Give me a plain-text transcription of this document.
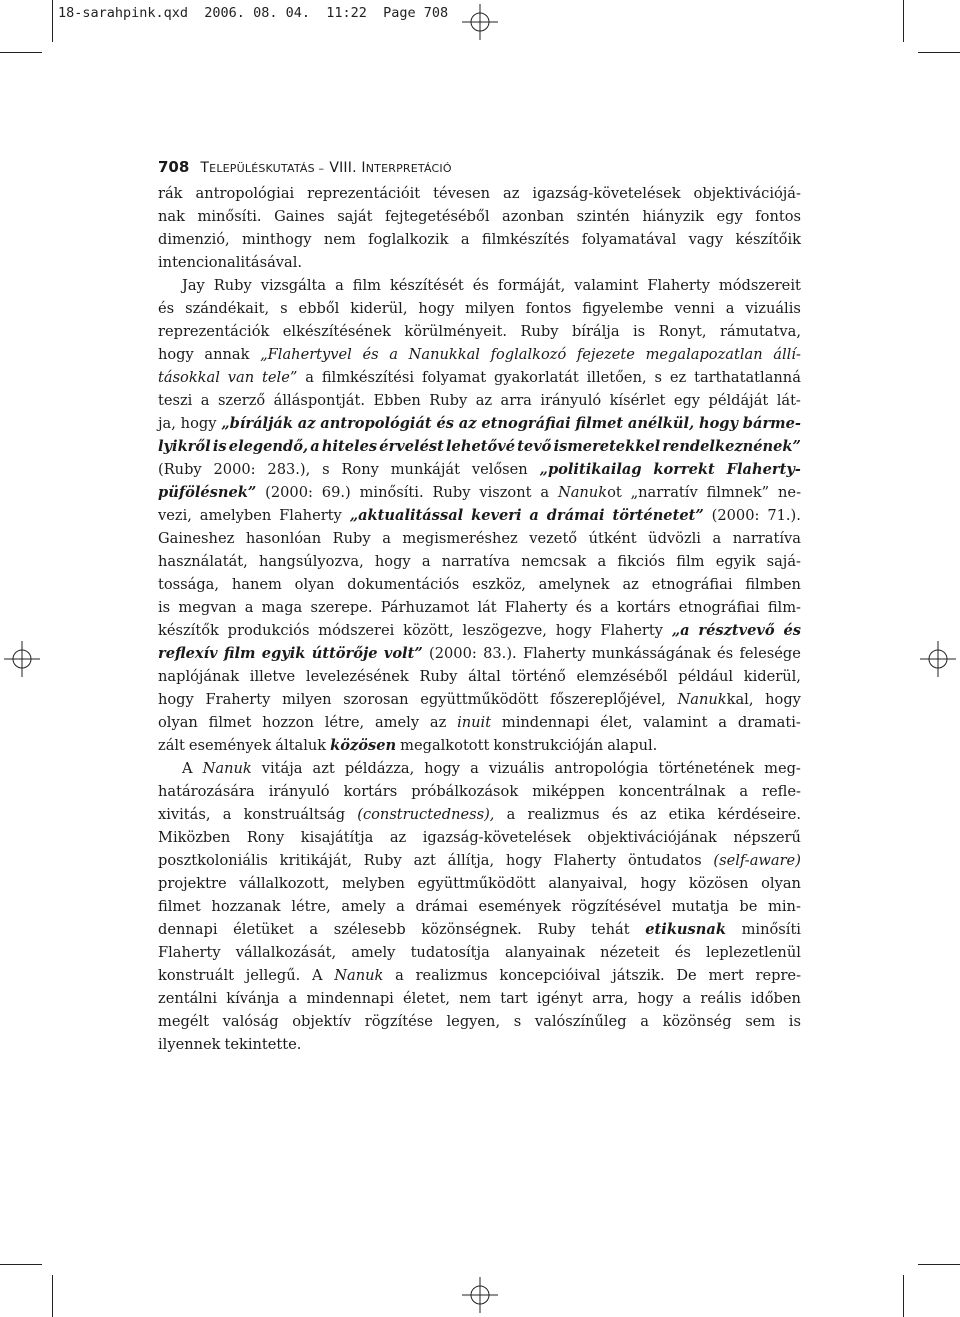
18-sarahpink.qxd  2006. 08. 04.  11:22  Page 708
708 TELEPÜLÉSKUTATÁS – VIII. INTERPRETÁCIÓ
rák antropológiai reprezentációit tévesen az igazság-követelések objektivációjá-
nak minősíti. Gaines saját fejtegetéséből azonban szintén hiányzik egy fontos
dimenzió, minthogy nem foglalkozik a filmkészítés folyamatával vagy készítőik
intencionalitásával.
Jay Ruby vizsgálta a film készítését és formáját, valamint Flaherty módszereit
és szándékait, s ebből kiderül, hogy milyen fontos figyelembe venni a vizuális
reprezentációk elkészítésének körülményeit. Ruby bírálja is Ronyt, rámutatva,
hogy annak „Flahertyvel és a Nanukkal foglalkozó fejezete megalapozatlan állí-
tásokkal van tele” a filmkészítési folyamat gyakorlatát illetően, s ez tarthatatlanná
teszi a szerző álláspontját. Ebben Ruby az arra irányuló kísérlet egy példáját lát-
ja, hogy „bírálják az antropológiát és az etnográfiai filmet anélkül, hogy bárme-
lyikről is elegendő, a hiteles érvelést lehetővé tevő ismeretekkel rendelkeznének”
(Ruby 2000: 283.), s Rony munkáját velősen „politikailag korrekt Flaherty-
püfölésnek” (2000: 69.) minősíti. Ruby viszont a Nanukot „narratív filmnek” ne-
vezi, amelyben Flaherty „aktualitással keveri a drámai történetet” (2000: 71.).
Gaineshez hasonlóan Ruby a megismeréshez vezető útként üdvözli a narratíva
használatát, hangsúlyozva, hogy a narratíva nemcsak a fikciós film egyik sajá-
tossága, hanem olyan dokumentációs eszköz, amelynek az etnográfiai filmben
is megvan a maga szerepe. Párhuzamot lát Flaherty és a kortárs etnográfiai film-
készítők produkciós módszerei között, leszögezve, hogy Flaherty „a résztvevő és
reflexív film egyik úttörője volt” (2000: 83.). Flaherty munkásságának és felesége
naplójának illetve levelezésének Ruby által történő elemzéséből például kiderül,
hogy Fraherty milyen szorosan együttműködött főszereplőjével, Nanukkal, hogy
olyan filmet hozzon létre, amely az inuit mindennapi élet, valamint a dramati-
zált események általuk közösen megalkotott konstrukcióján alapul.
A Nanuk vitája azt példázza, hogy a vizuális antropológia történetének meg-
határozására irányuló kortárs próbálkozások miképpen koncentrálnak a refle-
xivitás, a konstruáltság (constructedness), a realizmus és az etika kérdéseire.
Miközben Rony kisajátítja az igazság-követelések objektivációjának népszerű
posztkoloniális kritikáját, Ruby azt állítja, hogy Flaherty öntudatos (self-aware)
projektre vállalkozott, melyben együttműködött alanyaival, hogy közösen olyan
filmet hozzanak létre, amely a drámai események rögzítésével mutatja be min-
dennapi életüket a szélesebb közönségnek. Ruby tehát etikusnak minősíti
Flaherty vállalkozását, amely tudatosítja alanyainak nézeteit és leplezetlenül
konstruált jellegű. A Nanuk a realizmus koncepcióival játszik. De mert repre-
zentálni kívánja a mindennapi életet, nem tart igényt arra, hogy a reális időben
megélt valóság objektív rögzítése legyen, s valószínűleg a közönség sem is
ilyennek tekintette.
